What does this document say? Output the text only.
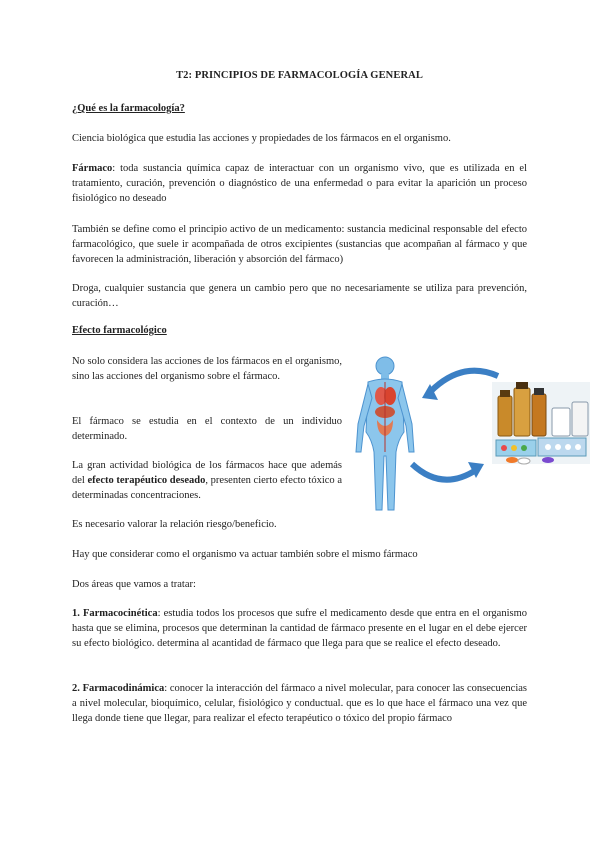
T2: PRINCIPIOS DE FARMACOLOGÍA GENERAL
¿Qué es la farmacología?

Ciencia biológica que estudia las acciones y propiedades de los fármacos en el organismo.

Fármaco: toda sustancia química capaz de interactuar con un organismo vivo, que es utilizada en el tratamiento, curación, prevención o diagnóstico de una enfermedad o para evitar la aparición un proceso fisiológico no deseado

También se define como el principio activo de un medicamento: sustancia medicinal responsable del efecto farmacológico, que suele ir acompañada de otros excipientes (sustancias que acompañan al fármaco y que favorecen la administración, liberación y absorción del fármaco)

Droga, cualquier sustancia que genera un cambio pero que no necesariamente se utiliza para prevención, curación…

Efecto farmacológico

No solo considera las acciones de los fármacos en el organismo, sino las acciones del organismo sobre el fármaco.

El fármaco se estudia en el contexto de un individuo determinado.

La gran actividad biológica de los fármacos hace que además del efecto terapéutico deseado, presenten cierto efecto tóxico a determinadas concentraciones.

Es necesario valorar la relación riesgo/beneficio.

Hay que considerar como el organismo va actuar también sobre el mismo fármaco

Dos áreas que vamos a tratar:

1. Farmacocinética: estudia todos los procesos que sufre el medicamento desde que entra en el organismo hasta que se elimina, procesos que determinan la cantidad de fármaco presente en el lugar en el debe ejercer su efecto biológico. determina al acantidad de fármaco que llega para que se realice el efecto deseado.

2. Farmacodinámica: conocer la interacción del fármaco a nivel molecular, para conocer las consecuencias a nivel molecular, bioquímico, celular, fisiológico y conductual. que es lo que hace el fármaco una vez que llega donde tiene que llegar, para realizar el efecto terapéutico o tóxico del propio fármaco
